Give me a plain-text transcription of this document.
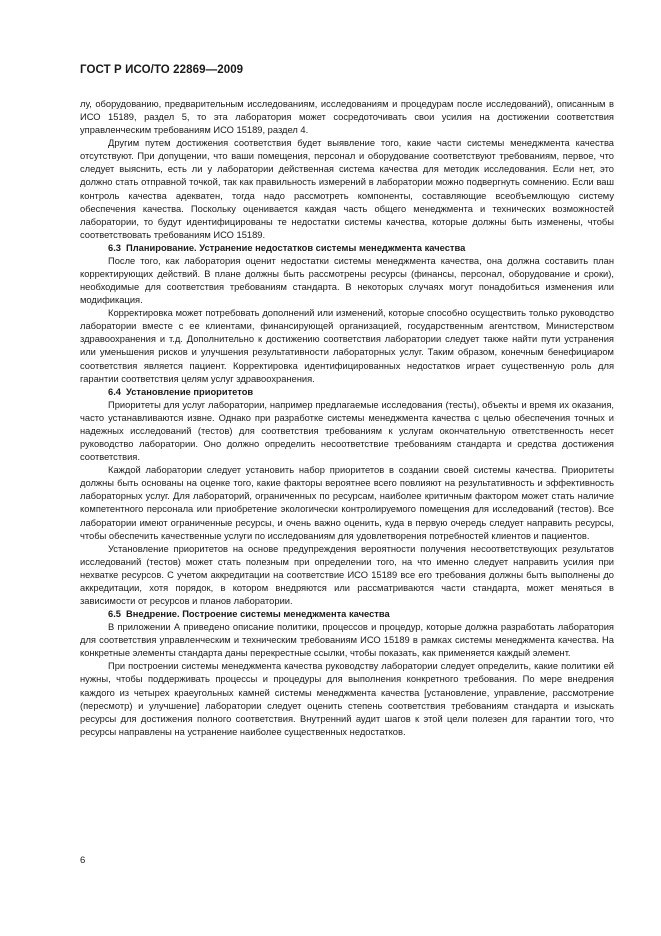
ГОСТ Р ИСО/ТО 22869—2009

лу, оборудованию, предварительным исследованиям, исследованиям и процедурам после исследований), описанным в ИСО 15189, раздел 5, то эта лаборатория может сосредоточивать свои усилия на достижении соответствия управленческим требованиям ИСО 15189, раздел 4.

Другим путем достижения соответствия будет выявление того, какие части системы менеджмента качества отсутствуют. При допущении, что ваши помещения, персонал и оборудование соответствуют требованиям, первое, что следует выяснить, есть ли у лаборатории действенная система качества для методик исследования. Если нет, это должно стать отправной точкой, так как правильность измерений в лаборатории можно подвергнуть сомнению. Если ваш контроль качества адекватен, тогда надо рассмотреть компоненты, составляющие всеобъемлющую систему обеспечения качества. Поскольку оценивается каждая часть общего менеджмента и технических возможностей лаборатории, то будут идентифицированы те недостатки системы качества, которые должны быть изменены, чтобы соответствовать требованиям ИСО 15189.

6.3 Планирование. Устранение недостатков системы менеджмента качества

После того, как лаборатория оценит недостатки системы менеджмента качества, она должна составить план корректирующих действий. В плане должны быть рассмотрены ресурсы (финансы, персонал, оборудование и сроки), необходимые для соответствия требованиям стандарта. В некоторых случаях могут понадобиться изменения или модификация.

Корректировка может потребовать дополнений или изменений, которые способно осуществить только руководство лаборатории вместе с ее клиентами, финансирующей организацией, государственным агентством, Министерством здравоохранения и т.д. Дополнительно к достижению соответствия лаборатории следует также найти пути устранения или уменьшения рисков и улучшения результативности лабораторных услуг. Таким образом, конечным бенефициаром соответствия является пациент. Корректировка идентифицированных недостатков играет существенную роль для гарантии соответствия целям услуг здравоохранения.

6.4 Установление приоритетов

Приоритеты для услуг лаборатории, например предлагаемые исследования (тесты), объекты и время их оказания, часто устанавливаются извне. Однако при разработке системы менеджмента качества с целью обеспечения точных и надежных исследований (тестов) для соответствия требованиям к услугам окончательную ответственность несет руководство лаборатории. Оно должно определить несоответствие требованиям стандарта и средства достижения соответствия.

Каждой лаборатории следует установить набор приоритетов в создании своей системы качества. Приоритеты должны быть основаны на оценке того, какие факторы вероятнее всего повлияют на результативность и эффективность лабораторных услуг. Для лабораторий, ограниченных по ресурсам, наиболее критичным фактором может стать наличие компетентного персонала или приобретение экологически контролируемого помещения для исследований (тестов). Все лаборатории имеют ограниченные ресурсы, и очень важно оценить, куда в первую очередь следует направить ресурсы, чтобы обеспечить качественные услуги по исследованиям для удовлетворения потребностей клиентов и пациентов.

Установление приоритетов на основе предупреждения вероятности получения несоответствующих результатов исследований (тестов) может стать полезным при определении того, на что именно следует направить усилия при нехватке ресурсов. С учетом аккредитации на соответствие ИСО 15189 все его требования должны быть выполнены до аккредитации, хотя порядок, в котором внедряются или рассматриваются части стандарта, может меняться в зависимости от ресурсов и планов лаборатории.

6.5 Внедрение. Построение системы менеджмента качества

В приложении А приведено описание политики, процессов и процедур, которые должна разработать лаборатория для соответствия управленческим и техническим требованиям ИСО 15189 в рамках системы менеджмента качества. На конкретные элементы стандарта даны перекрестные ссылки, чтобы показать, как применяется каждый элемент.

При построении системы менеджмента качества руководству лаборатории следует определить, какие политики ей нужны, чтобы поддерживать процессы и процедуры для выполнения конкретного требования. По мере внедрения каждого из четырех краеугольных камней системы менеджмента качества [установление, управление, рассмотрение (пересмотр) и улучшение] лаборатории следует оценить степень соответствия требованиям стандарта и изыскать ресурсы для достижения полного соответствия. Внутренний аудит шагов к этой цели полезен для гарантии того, что ресурсы направлены на устранение наиболее существенных недостатков.

6
